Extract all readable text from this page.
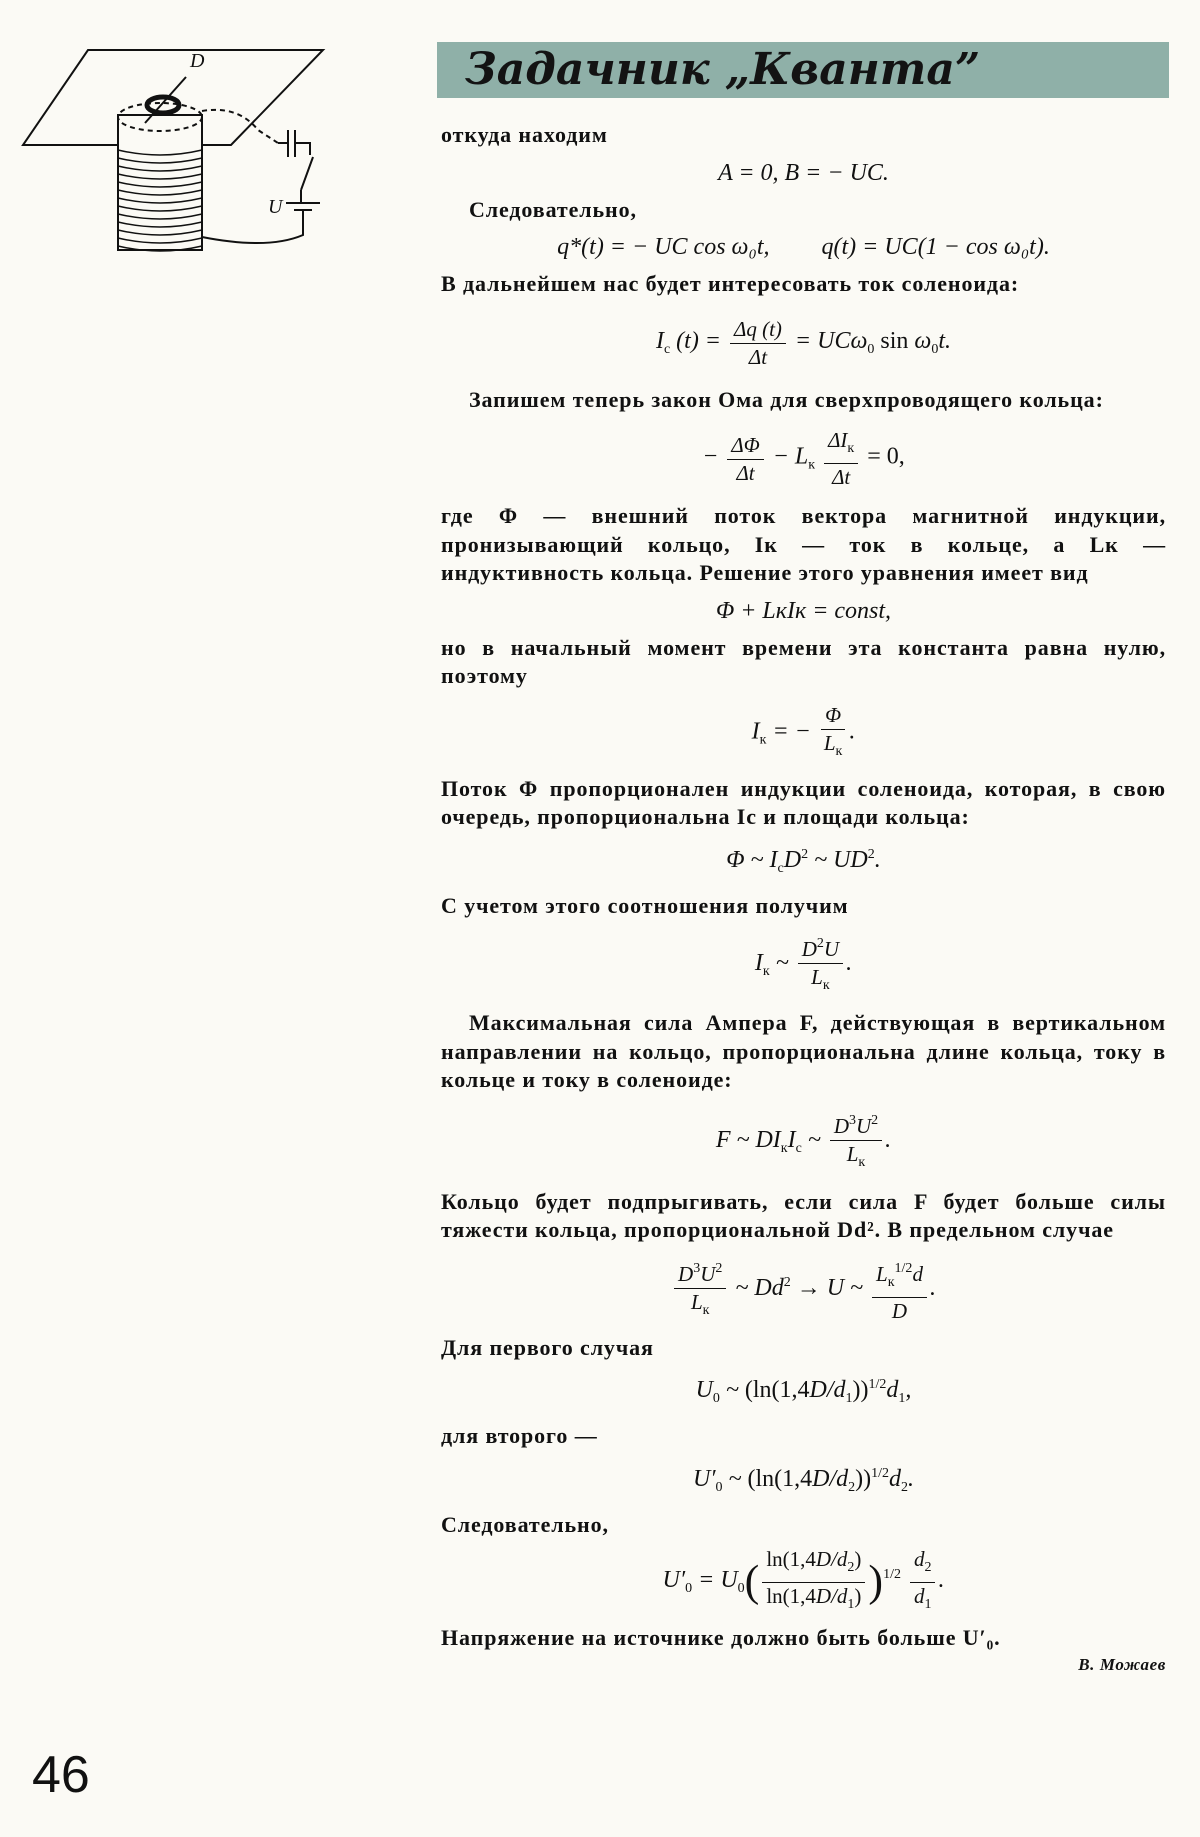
D
U
Задачник „Кванта”

откуда находим

A = 0, B = − UC.

Следовательно,

q*(t) = − UC cos ω₀t, q(t) = UC(1 − cos ω₀t).

В дальнейшем нас будет интересовать ток соленоида:

$I_с$ $(t) = \frac{\Delta q (t)}{\Delta t} = UC\omega_0$ $\sin \omega_0t$.

Запишем теперь закон Ома для сверхпроводящего кольца:

− $\frac{\Delta\Phi}{\Delta t} - L_к \frac{\Delta I_к}{\Delta t} = 0$,

где Φ — внешний поток вектора магнитной индукции, пронизывающий кольцо, Iк — ток в кольце, а Lк — индуктивность кольца. Решение этого уравнения имеет вид

Φ + LкIк = const,

но в начальный момент времени эта константа равна нулю, поэтому

$I_к$ = − $\frac{\Phi}{L_к}$ .

Поток Φ пропорционален индукции соленоида, которая, в свою очередь, пропорциональна Iс и площади кольца:

Φ ~ $I_сD^2$ ~ $UD^2$.

С учетом этого соотношения получим

$I_к$ ~ $\frac{D^2U}{L_к}$ .

Максимальная сила Ампера F, действующая в вертикальном направлении на кольцо, пропорциональна длине кольца, току в кольце и току в соленоиде:

F ~ $DI_кI_с$ ~ $\frac{D^3U^2}{L_к}$ .

Кольцо будет подпрыгивать, если сила F будет больше силы тяжести кольца, пропорциональной Dd². В предельном случае

$\frac{D^3U^2}{L_к}$ ~ $Dd^2 \to U$ ~ $\frac{L_к^{1/2}d}{D}$ .

Для первого случая

$U_0$ ~ $(\ln(1,4D/d_1))^{1/2}d_1$,

для второго —

$U'_0$ ~ $(\ln(1,4D/d_2))^{1/2}d_2$.

Следовательно,

$U'_0 = U_0( \frac{\ln(1,4D/d_2)}{\ln(1,4D/d_1)} )^{1/2} \frac{d_2}{d_1}$ .

Напряжение на источнике должно быть больше U′₀.

В. Можаев
46
